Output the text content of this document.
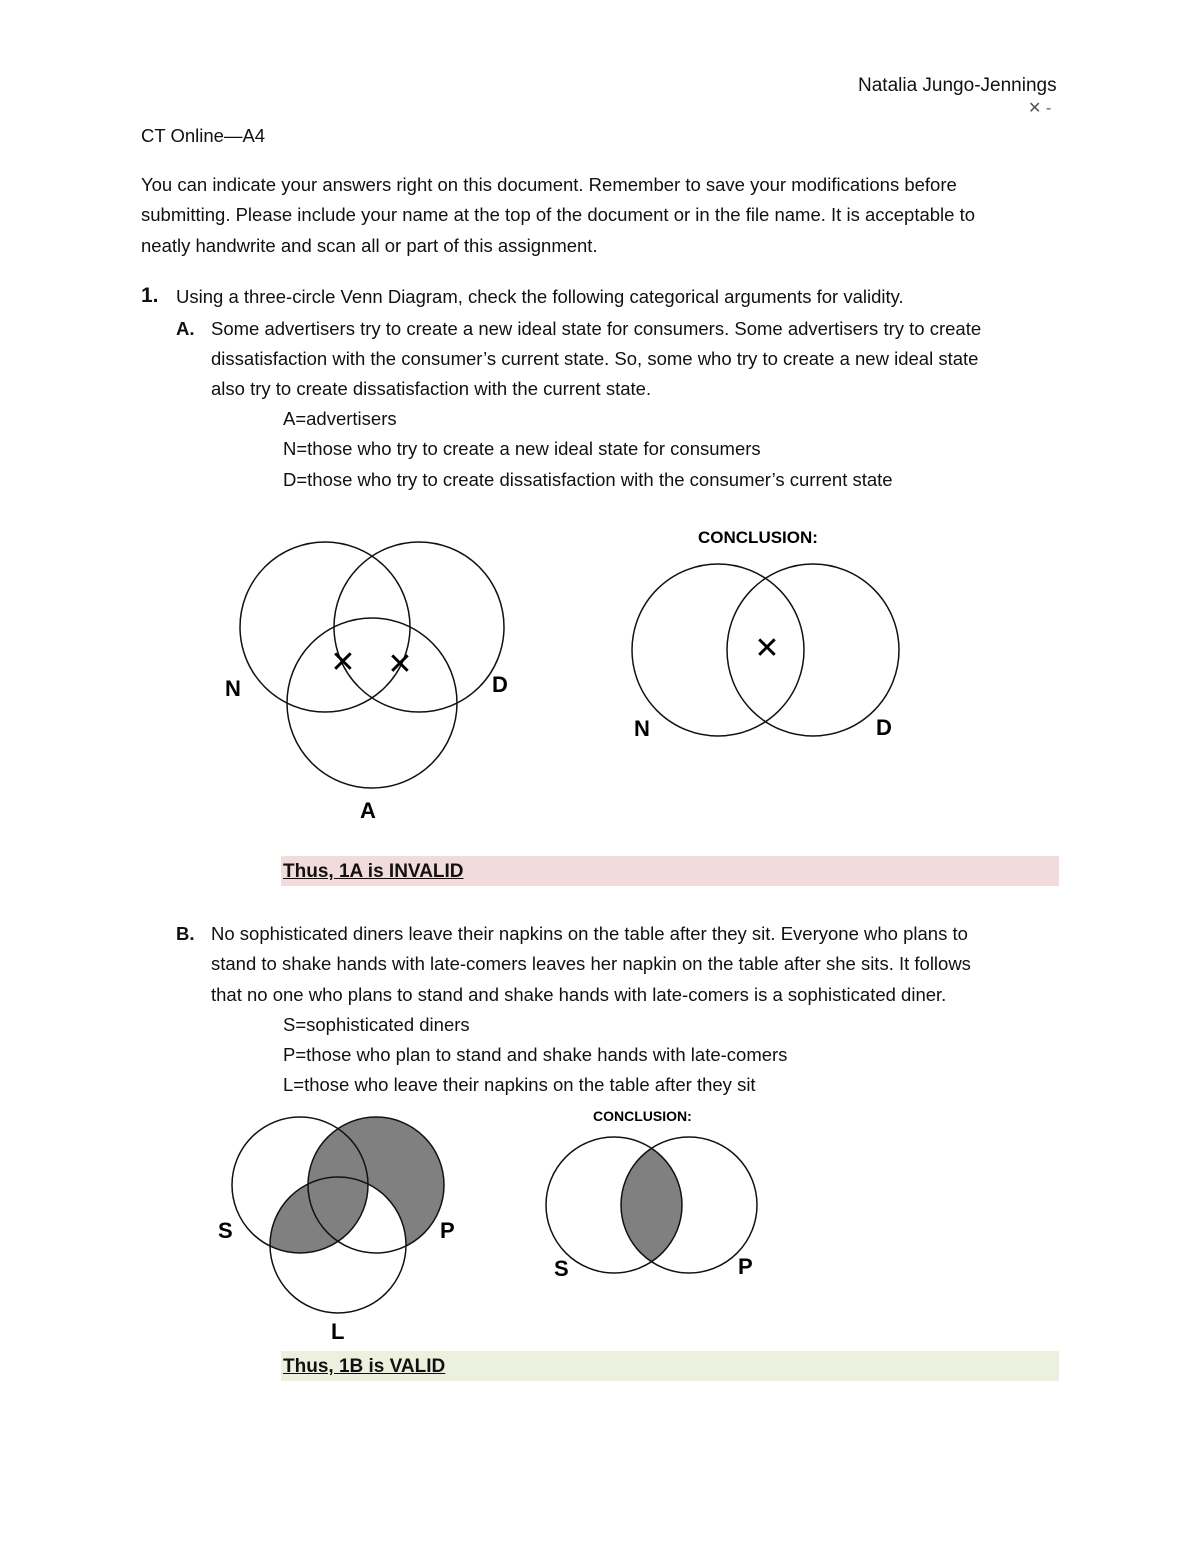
Natalia Jungo-Jennings
✕ -
CT Online—A4
You can indicate your answers right on this document. Remember to save your modifications before
submitting. Please include your name at the top of the document or in the file name. It is acceptable to
neatly handwrite and scan all or part of this assignment.
1. Using a three-circle Venn Diagram, check the following categorical arguments for validity.
A. Some advertisers try to create a new ideal state for consumers. Some advertisers try to create
dissatisfaction with the consumer’s current state. So, some who try to create a new ideal state
also try to create dissatisfaction with the current state.
A=advertisers
N=those who try to create a new ideal state for consumers
D=those who try to create dissatisfaction with the consumer’s current state
✕ ✕
N	D
A
CONCLUSION:
✕
N	D
Thus, 1A is INVALID
B. No sophisticated diners leave their napkins on the table after they sit. Everyone who plans to
stand to shake hands with late-comers leaves her napkin on the table after she sits. It follows
that no one who plans to stand and shake hands with late-comers is a sophisticated diner.
S=sophisticated diners
P=those who plan to stand and shake hands with late-comers
L=those who leave their napkins on the table after they sit
S	P
L
CONCLUSION:
S	P
Thus, 1B is VALID
